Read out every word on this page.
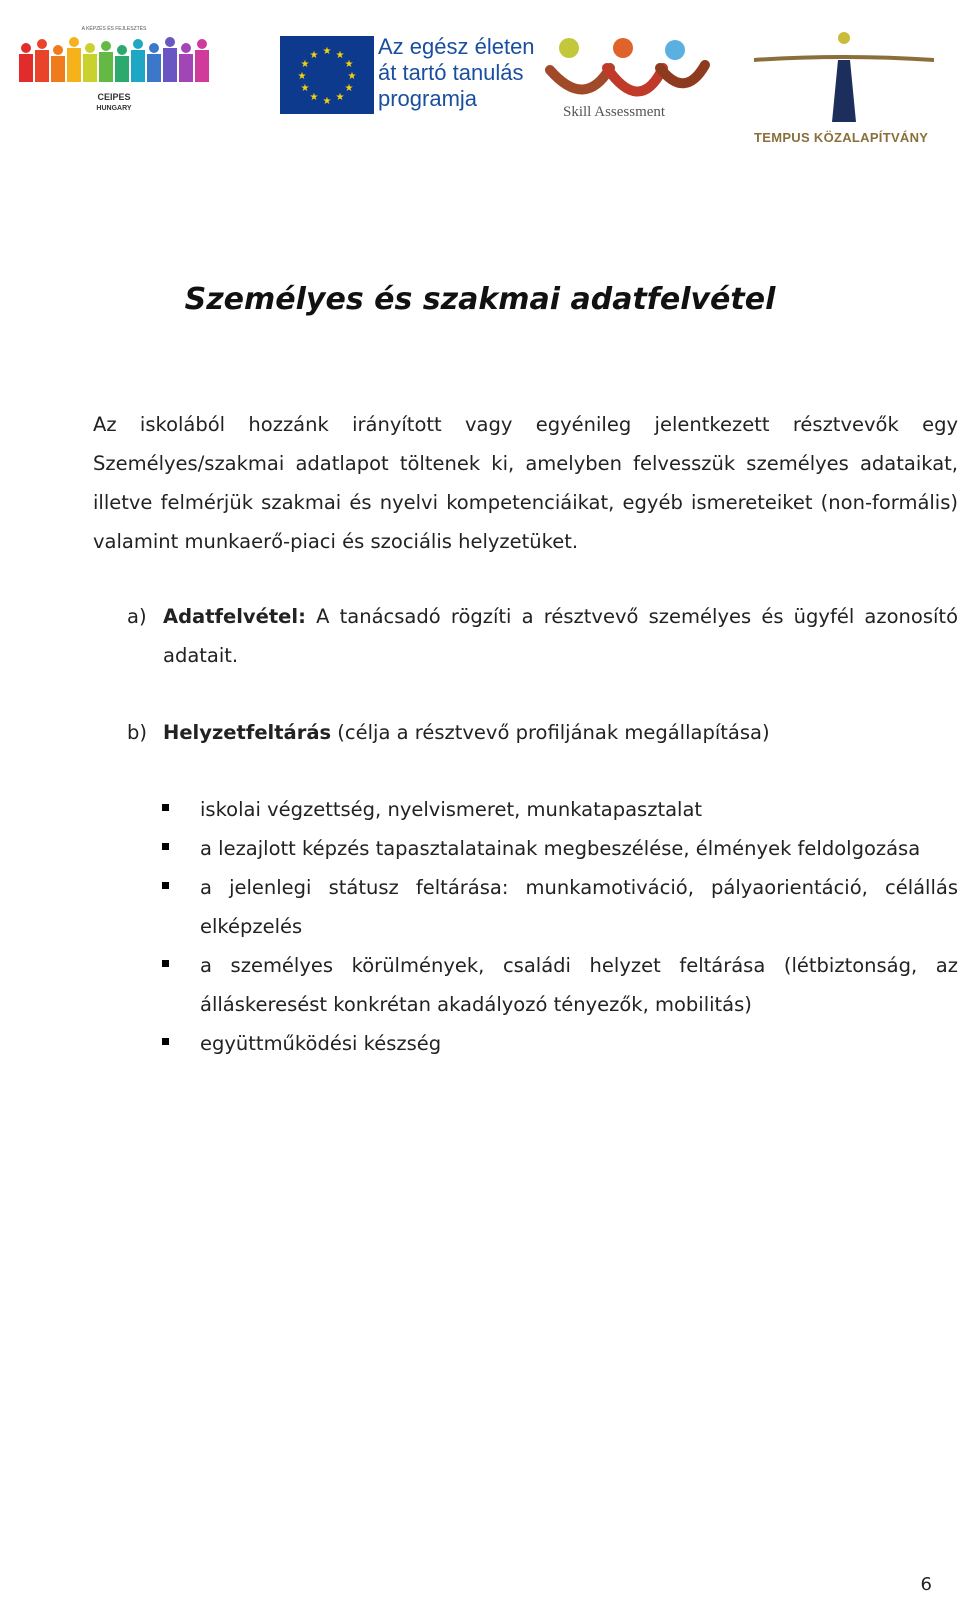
CEIPES
HUNGARY
A KÉPZÉS ÉS FEJLESZTÉS
★ ★
★
★
★
★
★
★
★
★
★
★	Az egész életen
át tartó tanulás
programja
Skill Assessment
TEMPUS KÖZALAPÍTVÁNY
Személyes és szakmai adatfelvétel

Az iskolából hozzánk irányított vagy egyénileg jelentkezett résztvevők egy Személyes/szakmai adatlapot töltenek ki, amelyben felvesszük személyes adataikat, illetve felmérjük szakmai és nyelvi kompetenciáikat, egyéb ismereteiket (non-formális) valamint munkaerő-piaci és szociális helyzetüket.

a) Adatfelvétel: A tanácsadó rögzíti a résztvevő személyes és ügyfél azonosító adatait.
b) Helyzetfeltárás (célja a résztvevő profiljának megállapítása)
iskolai végzettség, nyelvismeret, munkatapasztalat
a lezajlott képzés tapasztalatainak megbeszélése, élmények feldolgozása
a jelenlegi státusz feltárása: munkamotiváció, pályaorientáció, célállás elképzelés
a személyes körülmények, családi helyzet feltárása (létbiztonság, az álláskeresést konkrétan akadályozó tényezők, mobilitás)
együttműködési készség
6
